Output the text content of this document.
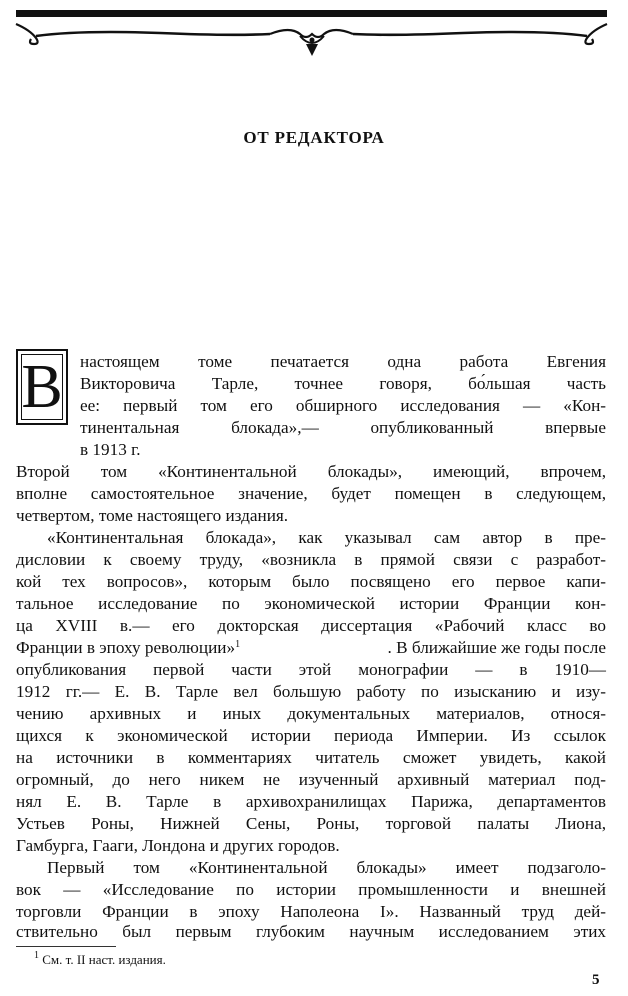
ОТ РЕДАКТОРА
В настоящем томе печатается одна работа Евгения
Викторовича Тарле, точнее говоря, бо́льшая часть
ее: первый том его обширного исследования — «Кон-
тинентальная блокада»,— опубликованный впервые
в 1913 г.
Второй том «Континентальной блокады», имеющий, впрочем,
вполне самостоятельное значение, будет помещен в следующем,
четвертом, томе настоящего издания.
«Континентальная блокада», как указывал сам автор в пре-
дисловии к своему труду, «возникла в прямой связи с разработ-
кой тех вопросов», которым было посвящено его первое капи-
тальное исследование по экономической истории Франции кон-
ца XVIII в.— его докторская диссертация «Рабочий класс во
Франции в эпоху революции»$^1$	. В ближайшие же годы после
опубликования первой части этой монографии — в 1910—
1912 гг.— Е. В. Тарле вел большую работу по изысканию и изу-
чению архивных и иных документальных материалов, относя-
щихся к экономической истории периода Империи. Из ссылок
на источники в комментариях читатель сможет увидеть, какой
огромный, до него никем не изученный архивный материал под-
нял Е. В. Тарле в архивохранилищах Парижа, департаментов
Устьев Роны, Нижней Сены, Роны, торговой палаты Лиона,
Гамбурга, Гааги, Лондона и других городов.
Первый том «Континентальной блокады» имеет подзаголо-
вок — «Исследование по истории промышленности и внешней
торговли Франции в эпоху Наполеона I». Названный труд дей-
ствительно был первым глубоким научным исследованием этих
$^1$ См. т. II наст. издания.
5
